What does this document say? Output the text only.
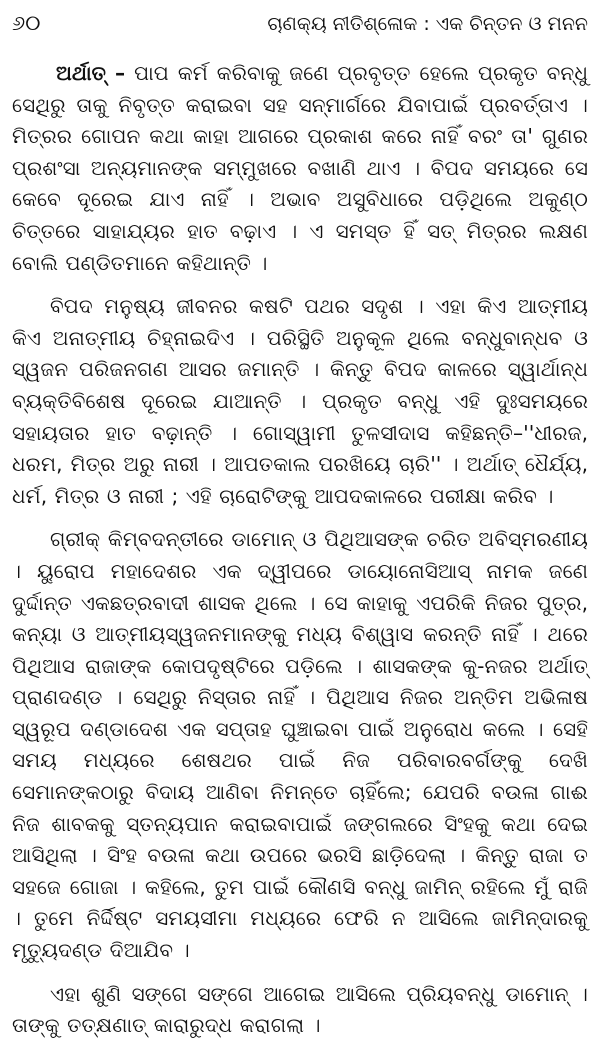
୬୦	ଚାଣକ୍ୟ ନୀତିଶ୍ଳୋକ : ଏକ ଚିନ୍ତନ ଓ ମନନ

ଅର୍ଥାତ୍ – ପାପ କର୍ମ କରିବାକୁ ଜଣେ ପ୍ରବୃତ୍ତ ହେଲେ ପ୍ରକୃତ ବନ୍ଧୁ ସେଥିରୁ ତାକୁ ନିବୃତ୍ତ କରାଇବା ସହ ସନ୍ମାର୍ଗରେ ଯିବାପାଇଁ ପ୍ରବର୍ତ୍ତାଏ । ମିତ୍ରର ଗୋପନ କଥା କାହା ଆଗରେ ପ୍ରକାଶ କରେ ନାହିଁ ବରଂ ତା' ଗୁଣର ପ୍ରଶଂସା ଅନ୍ୟମାନଙ୍କ ସମ୍ମୁଖରେ ବଖାଣି ଥାଏ । ବିପଦ ସମୟରେ ସେ କେବେ ଦୂରେଇ ଯାଏ ନାହିଁ । ଅଭାବ ଅସୁବିଧାରେ ପଡ଼ିଥିଲେ ଅକୁଣ୍ଠ ଚିତ୍ତରେ ସାହାଯ୍ୟର ହାତ ବଢ଼ାଏ । ଏ ସମସ୍ତ ହିଁ ସତ୍ ମିତ୍ରର ଲକ୍ଷଣ ବୋଲି ପଣ୍ଡିତମାନେ କହିଥାନ୍ତି ।

ବିପଦ ମନୁଷ୍ୟ ଜୀବନର କଷଟି ପଥର ସଦୃଶ । ଏହା କିଏ ଆତ୍ମୀୟ କିଏ ଅନାତ୍ମୀୟ ଚିହ୍ନାଇଦିଏ । ପରିସ୍ଥିତି ଅନୁକୂଳ ଥିଲେ ବନ୍ଧୁବାନ୍ଧବ ଓ ସ୍ୱଜନ ପରିଜନଗଣ ଆସର ଜମାନ୍ତି । କିନ୍ତୁ ବିପଦ କାଳରେ ସ୍ୱାର୍ଥାନ୍ଧ ବ୍ୟକ୍ତିବିଶେଷ ଦୂରେଇ ଯାଆନ୍ତି । ପ୍ରକୃତ ବନ୍ଧୁ ଏହି ଦୁଃସମୟରେ ସହାୟତାର ହାତ ବଢ଼ାନ୍ତି । ଗୋସ୍ୱାମୀ ତୁଳସୀଦାସ କହିଛନ୍ତି–''ଧୀରଜ, ଧରମ, ମିତ୍ର ଅରୁ ନାରୀ । ଆପତକାଲ ପରଖିୟେ ଚାରି'' । ଅର୍ଥାତ୍ ଧୈର୍ଯ୍ୟ, ଧର୍ମ, ମିତ୍ର ଓ ନାରୀ ; ଏହି ଚାରୋଟିଙ୍କୁ ଆପଦକାଳରେ ପରୀକ୍ଷା କରିବ ।

ଗ୍ରୀକ୍ କିମ୍ବଦନ୍ତୀରେ ଡାମୋନ୍ ଓ ପିଥିଆସଙ୍କ ଚରିତ ଅବିସ୍ମରଣୀୟ । ୟୁରୋପ ମହାଦେଶର ଏକ ଦ୍ୱୀପରେ ଡାୟୋନୋସିଆସ୍ ନାମକ ଜଣେ ଦୁର୍ଦ୍ଦାନ୍ତ ଏକଛତ୍ରବାଦୀ ଶାସକ ଥିଲେ । ସେ କାହାକୁ ଏପରିକି ନିଜର ପୁତ୍ର, କନ୍ୟା ଓ ଆତ୍ମୀୟସ୍ୱଜନମାନଙ୍କୁ ମଧ୍ୟ ବିଶ୍ୱାସ କରନ୍ତି ନାହିଁ । ଥରେ ପିଥିଆସ ରାଜାଙ୍କ କୋପଦୃଷ୍ଟିରେ ପଡ଼ିଲେ । ଶାସକଙ୍କ କୁ-ନଜର ଅର୍ଥାତ୍ ପ୍ରାଣଦଣ୍ଡ । ସେଥିରୁ ନିସ୍ତାର ନାହିଁ । ପିଥିଆସ ନିଜର ଅନ୍ତିମ ଅଭିଳାଷ ସ୍ୱରୂପ ଦଣ୍ଡାଦେଶ ଏକ ସପ୍ତାହ ଘୁଞ୍ଚାଇବା ପାଇଁ ଅନୁରୋଧ କଲେ । ସେହି ସମୟ ମଧ୍ୟରେ ଶେଷଥର ପାଇଁ ନିଜ ପରିବାରବର୍ଗଙ୍କୁ ଦେଖି ସେମାନଙ୍କଠାରୁ ବିଦାୟ ଆଣିବା ନିମନ୍ତେ ଚାହିଁଲେ; ଯେପରି ବଉଳା ଗାଈ ନିଜ ଶାବକକୁ ସ୍ତନ୍ୟପାନ କରାଇବାପାଇଁ ଜଙ୍ଗଲରେ ସିଂହକୁ କଥା ଦେଇ ଆସିଥିଲା । ସିଂହ ବଉଳା କଥା ଉପରେ ଭରସି ଛାଡ଼ିଦେଲା । କିନ୍ତୁ ରାଜା ତ ସହଜେ ଗୋଜା । କହିଲେ, ତୁମ ପାଇଁ କୌଣସି ବନ୍ଧୁ ଜାମିନ୍ ରହିଲେ ମୁଁ ରାଜି । ତୁମେ ନିର୍ଦ୍ଦିଷ୍ଟ ସମୟସୀମା ମଧ୍ୟରେ ଫେରି ନ ଆସିଲେ ଜାମିନ୍‌ଦାରକୁ ମୃତ୍ୟୁଦଣ୍ଡ ଦିଆଯିବ ।

ଏହା ଶୁଣି ସଙ୍ଗେ ସଙ୍ଗେ ଆଗେଇ ଆସିଲେ ପ୍ରିୟବନ୍ଧୁ ଡାମୋନ୍ । ତାଙ୍କୁ ତତ୍‌କ୍ଷଣାତ୍ କାରାରୁଦ୍ଧ କରାଗଲା ।
